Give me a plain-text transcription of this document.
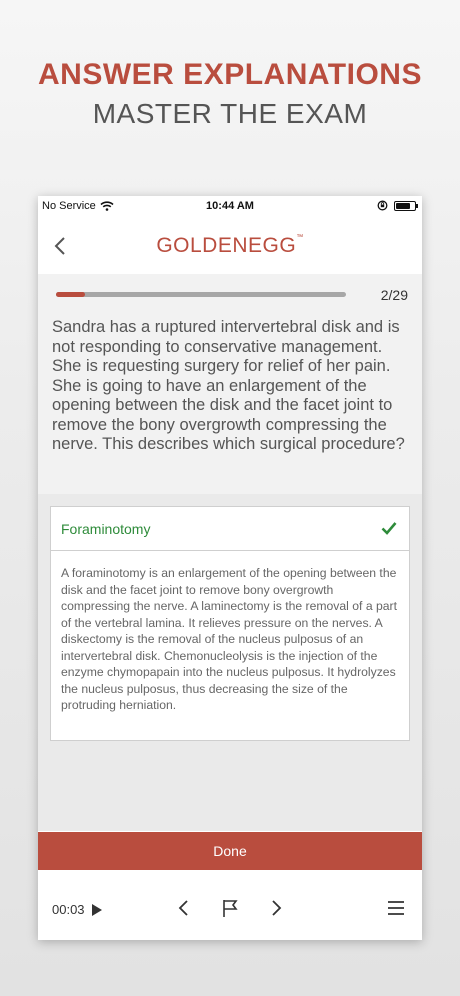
ANSWER EXPLANATIONS
MASTER THE EXAM
No Service	10:44 AM
GOLDENEGG™
2/29
Sandra has a ruptured intervertebral disk and is not responding to conservative management. She is requesting surgery for relief of her pain. She is going to have an enlargement of the opening between the disk and the facet joint to remove the bony overgrowth compressing the nerve. This describes which surgical procedure?
Foraminotomy
A foraminotomy is an enlargement of the opening between the disk and the facet joint to remove bony overgrowth compressing the nerve. A laminectomy is the removal of a part of the vertebral lamina. It relieves pressure on the nerves. A diskectomy is the removal of the nucleus pulposus of an intervertebral disk. Chemonucleolysis is the injection of the enzyme chymopapain into the nucleus pulposus. It hydrolyzes the nucleus pulposus, thus decreasing the size of the protruding herniation.
Done
00:03
